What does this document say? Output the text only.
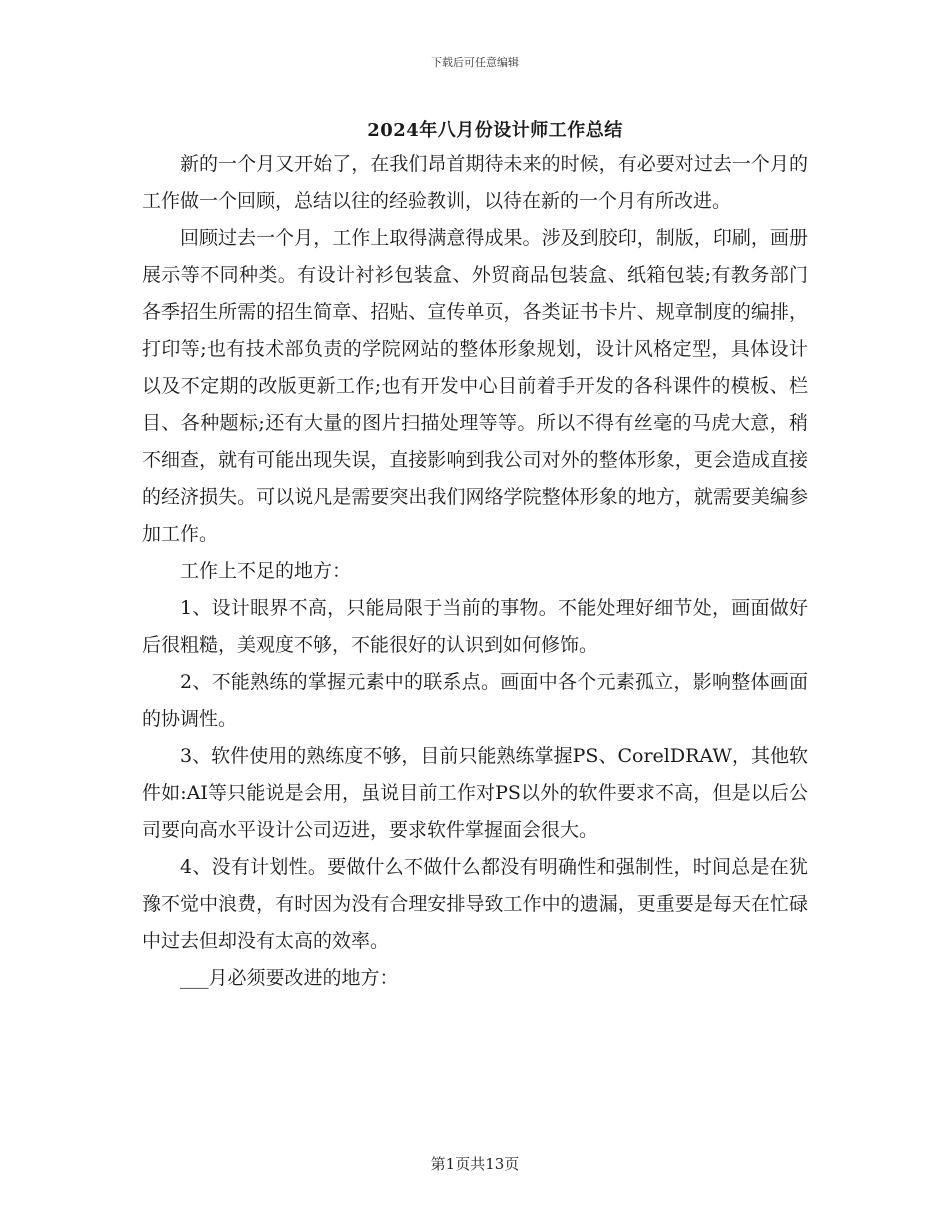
下载后可任意编辑
2024年八月份设计师工作总结

新的一个月又开始了，在我们昂首期待未来的时候，有必要对过去一个月的工作做一个回顾，总结以往的经验教训，以待在新的一个月有所改进。

回顾过去一个月，工作上取得满意得成果。涉及到胶印，制版，印刷，画册展示等不同种类。有设计衬衫包装盒、外贸商品包装盒、纸箱包装;有教务部门各季招生所需的招生简章、招贴、宣传单页，各类证书卡片、规章制度的编排，打印等;也有技术部负责的学院网站的整体形象规划，设计风格定型，具体设计以及不定期的改版更新工作;也有开发中心目前着手开发的各科课件的模板、栏目、各种题标;还有大量的图片扫描处理等等。所以不得有丝毫的马虎大意，稍不细查，就有可能出现失误，直接影响到我公司对外的整体形象，更会造成直接的经济损失。可以说凡是需要突出我们网络学院整体形象的地方，就需要美编参加工作。

工作上不足的地方：

1、设计眼界不高，只能局限于当前的事物。不能处理好细节处，画面做好后很粗糙，美观度不够，不能很好的认识到如何修饰。

2、不能熟练的掌握元素中的联系点。画面中各个元素孤立，影响整体画面的协调性。

3、软件使用的熟练度不够，目前只能熟练掌握PS、CorelDRAW，其他软件如:AI等只能说是会用，虽说目前工作对PS以外的软件要求不高，但是以后公司要向高水平设计公司迈进，要求软件掌握面会很大。

4、没有计划性。要做什么不做什么都没有明确性和强制性，时间总是在犹豫不觉中浪费，有时因为没有合理安排导致工作中的遗漏，更重要是每天在忙碌中过去但却没有太高的效率。

___月必须要改进的地方：

第1页共13页
